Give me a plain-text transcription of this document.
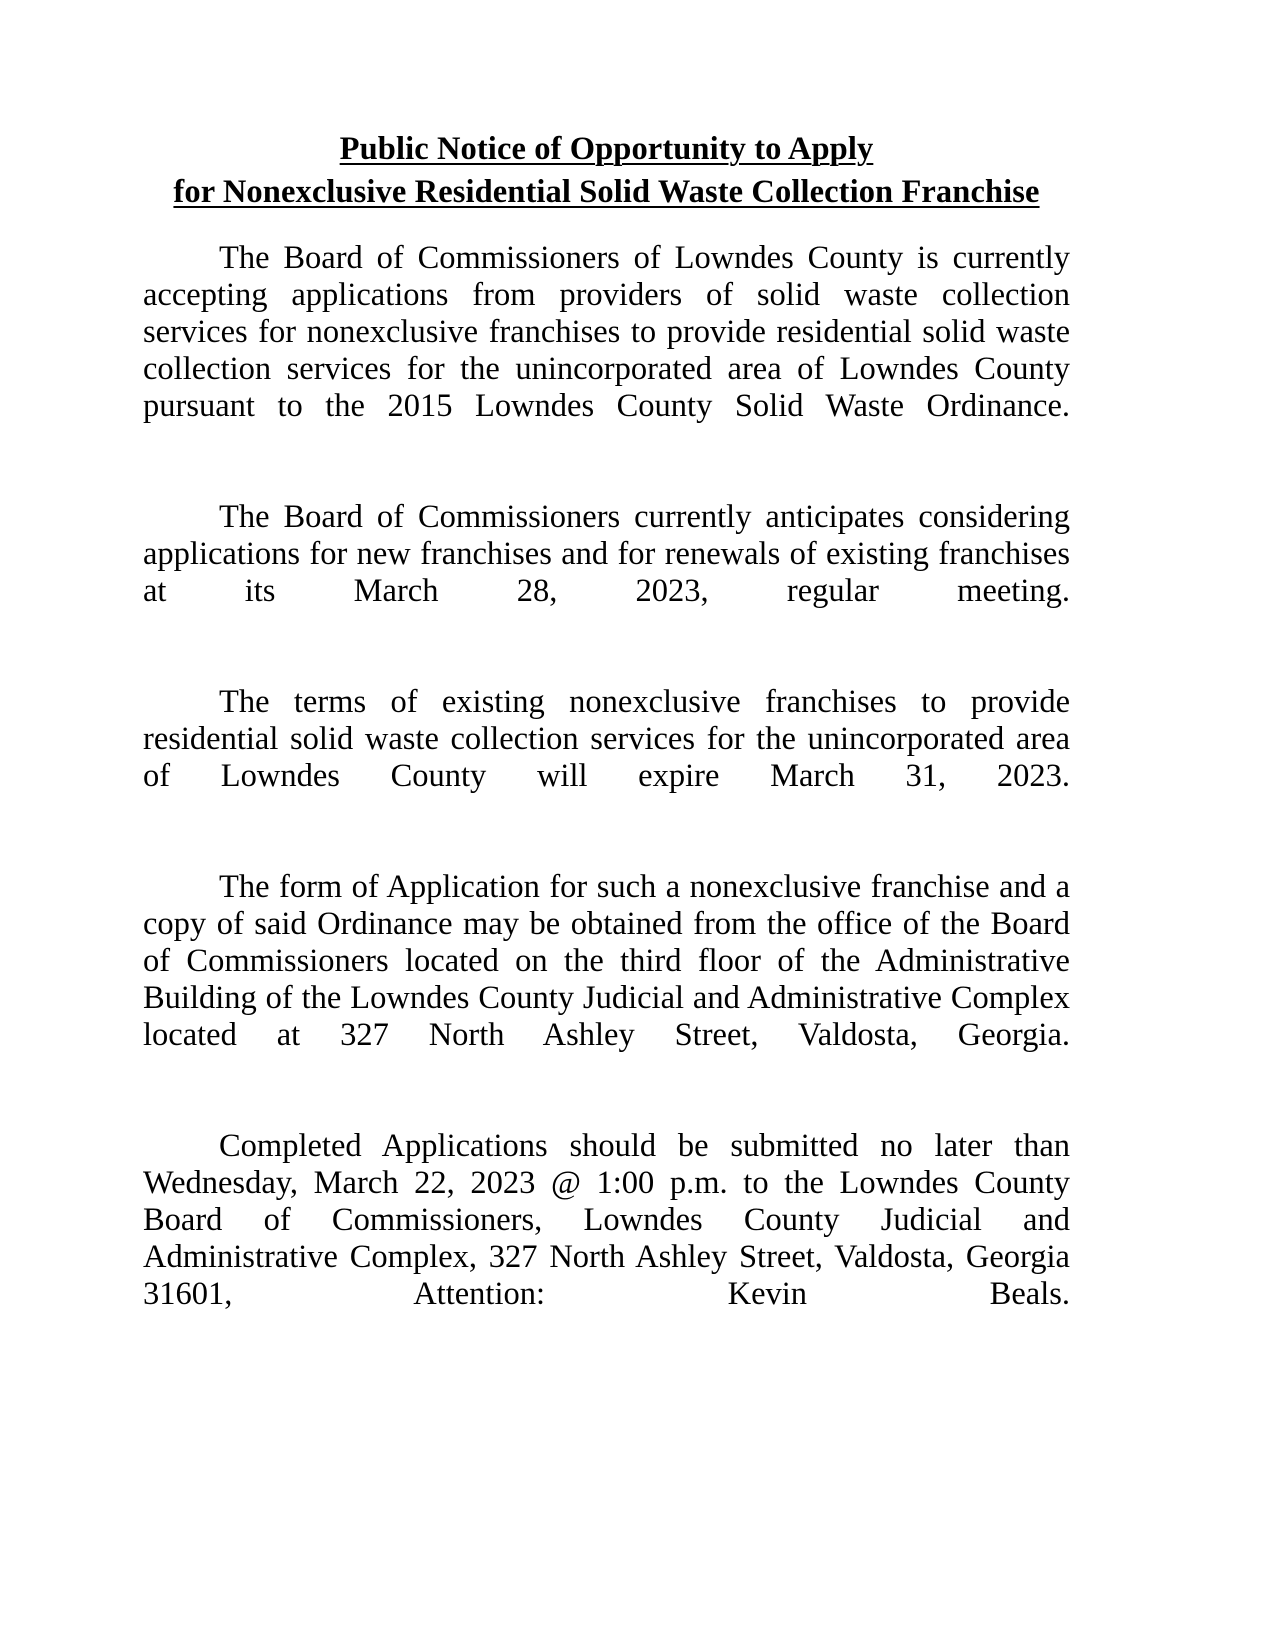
Public Notice of Opportunity to Apply
for Nonexclusive Residential Solid Waste Collection Franchise

The Board of Commissioners of Lowndes County is currently accepting applications from providers of solid waste collection services for nonexclusive franchises to provide residential solid waste collection services for the unincorporated area of Lowndes County pursuant to the 2015 Lowndes County Solid Waste Ordinance.

The Board of Commissioners currently anticipates considering applications for new franchises and for renewals of existing franchises at its March 28, 2023, regular meeting.

The terms of existing nonexclusive franchises to provide residential solid waste collection services for the unincorporated area of Lowndes County will expire March 31, 2023.

The form of Application for such a nonexclusive franchise and a copy of said Ordinance may be obtained from the office of the Board of Commissioners located on the third floor of the Administrative Building of the Lowndes County Judicial and Administrative Complex located at 327 North Ashley Street, Valdosta, Georgia.

Completed Applications should be submitted no later than Wednesday, March 22, 2023 @ 1:00 p.m. to the Lowndes County Board of Commissioners, Lowndes County Judicial and Administrative Complex, 327 North Ashley Street, Valdosta, Georgia 31601, Attention: Kevin Beals.
